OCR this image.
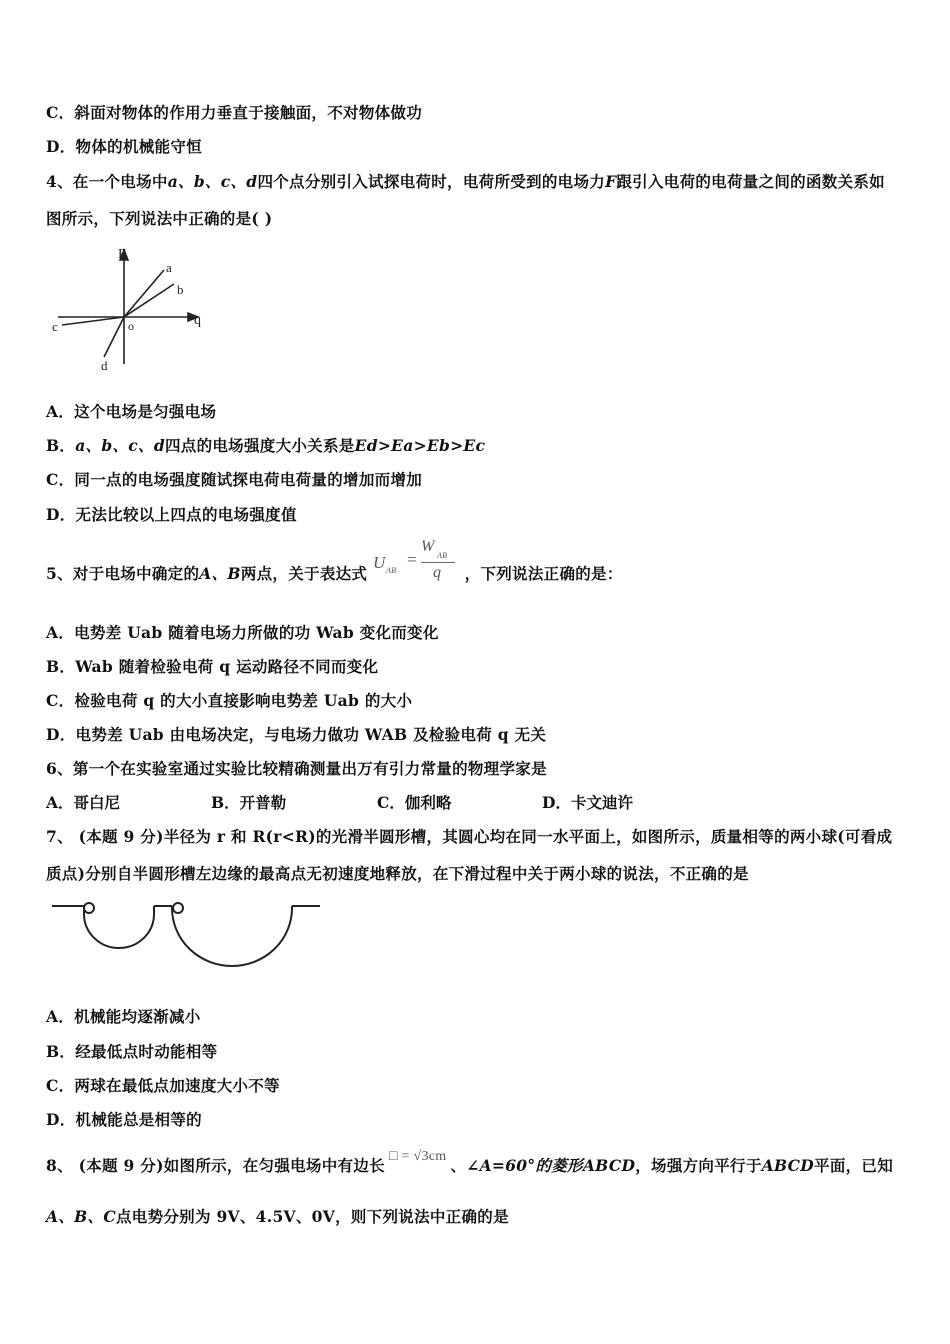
C．斜面对物体的作用力垂直于接触面，不对物体做功
D．物体的机械能守恒
4、在一个电场中a、b、c、d四个点分别引入试探电荷时，电荷所受到的电场力F跟引入电荷的电荷量之间的函数关系如
图所示，下列说法中正确的是( )
F
q
o
a
b
c
d
A．这个电场是匀强电场
B．a、b、c、d四点的电场强度大小关系是Ed>Ea>Eb>Ec
C．同一点的电场强度随试探电荷电荷量的增加而增加
D．无法比较以上四点的电场强度值
5、对于电场中确定的A、B两点，关于表达式
U AB
=
W
AB
q ，下列说法正确的是：
A．电势差 Uab 随着电场力所做的功 Wab 变化而变化
B．Wab 随着检验电荷 q 运动路径不同而变化
C．检验电荷 q 的大小直接影响电势差 Uab 的大小
D．电势差 Uab 由电场决定，与电场力做功 WAB 及检验电荷 q 无关
6、第一个在实验室通过实验比较精确测量出万有引力常量的物理学家是
A．哥白尼	B．开普勒	C．伽利略	D．卡文迪许
7、 (本题 9 分)半径为 r 和 R(r<R)的光滑半圆形槽，其圆心均在同一水平面上，如图所示，质量相等的两小球(可看成
质点)分别自半圆形槽左边缘的最高点无初速度地释放，在下滑过程中关于两小球的说法，不正确的是
A．机械能均逐渐减小
B．经最低点时动能相等
C．两球在最低点加速度大小不等
D．机械能总是相等的
8、 (本题 9 分)如图所示，在匀强电场中有边长 □ = √3cm 、∠A=60°的菱形ABCD，场强方向平行于ABCD平面，已知
A、B、C点电势分别为 9V、4.5V、0V，则下列说法中正确的是
